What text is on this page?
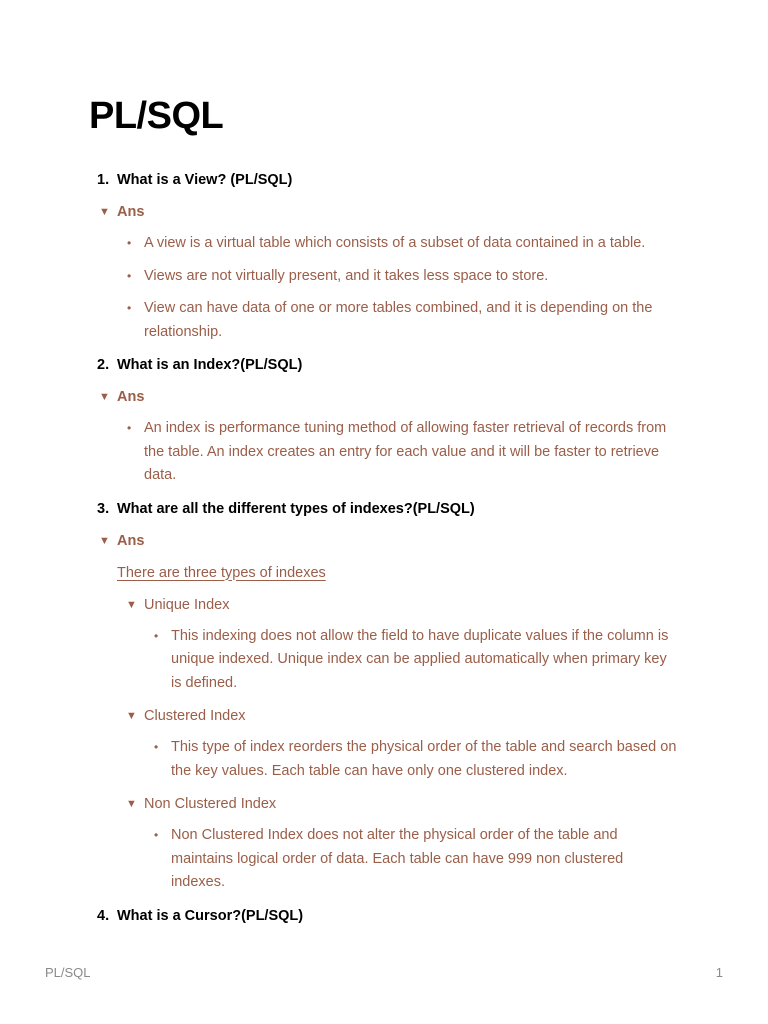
PL/SQL
1. What is a View? (PL/SQL)
▼ Ans
• A view is a virtual table which consists of a subset of data contained in a table.
• Views are not virtually present, and it takes less space to store.
• View can have data of one or more tables combined, and it is depending on the relationship.
2. What is an Index?(PL/SQL)
▼ Ans
• An index is performance tuning method of allowing faster retrieval of records from the table. An index creates an entry for each value and it will be faster to retrieve data.
3. What are all the different types of indexes?(PL/SQL)
▼ Ans
There are three types of indexes
▼ Unique Index
• This indexing does not allow the field to have duplicate values if the column is unique indexed. Unique index can be applied automatically when primary key is defined.
▼ Clustered Index
• This type of index reorders the physical order of the table and search based on the key values. Each table can have only one clustered index.
▼ Non Clustered Index
• Non Clustered Index does not alter the physical order of the table and maintains logical order of data. Each table can have 999 non clustered indexes.
4. What is a Cursor?(PL/SQL)
PL/SQL	1
